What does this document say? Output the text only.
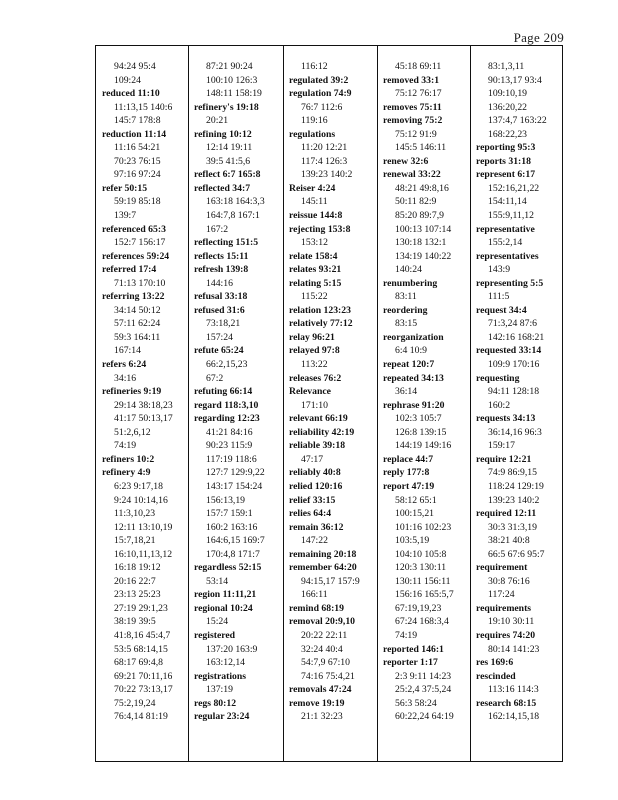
Page 209
94:24 95:4
109:24
reduced 11:10
11:13,15 140:6
145:7 178:8
reduction 11:14
11:16 54:21
70:23 76:15
97:16 97:24
refer 50:15
59:19 85:18
139:7
referenced 65:3
152:7 156:17
references 59:24
referred 17:4
71:13 170:10
referring 13:22
34:14 50:12
57:11 62:24
59:3 164:11
167:14
refers 6:24
34:16
refineries 9:19
29:14 38:18,23
41:17 50:13,17
51:2,6,12
74:19
refiners 10:2
refinery 4:9
6:23 9:17,18
9:24 10:14,16
11:3,10,23
12:11 13:10,19
15:7,18,21
16:10,11,13,12
16:18 19:12
20:16 22:7
23:13 25:23
27:19 29:1,23
38:19 39:5
41:8,16 45:4,7
53:5 68:14,15
68:17 69:4,8
69:21 70:11,16
70:22 73:13,17
75:2,19,24
76:4,14 81:19
87:21 90:24
100:10 126:3
148:11 158:19
refinery's 19:18
20:21
refining 10:12
12:14 19:11
39:5 41:5,6
reflect 6:7 165:8
reflected 34:7
163:18 164:3,3
164:7,8 167:1
167:2
reflecting 151:5
reflects 15:11
refresh 139:8
144:16
refusal 33:18
refused 31:6
73:18,21
157:24
refute 65:24
66:2,15,23
67:2
refuting 66:14
regard 118:3,10
regarding 12:23
41:21 84:16
90:23 115:9
117:19 118:6
127:7 129:9,22
143:17 154:24
156:13,19
157:7 159:1
160:2 163:16
164:6,15 169:7
170:4,8 171:7
regardless 52:15
53:14
region 11:11,21
regional 10:24
15:24
registered
137:20 163:9
163:12,14
registrations
137:19
regs 80:12
regular 23:24
116:12
regulated 39:2
regulation 74:9
76:7 112:6
119:16
regulations
11:20 12:21
117:4 126:3
139:23 140:2
Reiser 4:24
145:11
reissue 144:8
rejecting 153:8
153:12
relate 158:4
relates 93:21
relating 5:15
115:22
relation 123:23
relatively 77:12
relay 96:21
relayed 97:8
113:22
releases 76:2
Relevance
171:10
relevant 66:19
reliability 42:19
reliable 39:18
47:17
reliably 40:8
relied 120:16
relief 33:15
relies 64:4
remain 36:12
147:22
remaining 20:18
remember 64:20
94:15,17 157:9
166:11
remind 68:19
removal 20:9,10
20:22 22:11
32:24 40:4
54:7,9 67:10
74:16 75:4,21
removals 47:24
remove 19:19
21:1 32:23
45:18 69:11
removed 33:1
75:12 76:17
removes 75:11
removing 75:2
75:12 91:9
145:5 146:11
renew 32:6
renewal 33:22
48:21 49:8,16
50:11 82:9
85:20 89:7,9
100:13 107:14
130:18 132:1
134:19 140:22
140:24
renumbering
83:11
reordering
83:15
reorganization
6:4 10:9
repeat 120:7
repeated 34:13
36:14
rephrase 91:20
102:3 105:7
126:8 139:15
144:19 149:16
replace 44:7
reply 177:8
report 47:19
58:12 65:1
100:15,21
101:16 102:23
103:5,19
104:10 105:8
120:3 130:11
130:11 156:11
156:16 165:5,7
67:19,19,23
67:24 168:3,4
74:19
reported 146:1
reporter 1:17
2:3 9:11 14:23
25:2,4 37:5,24
56:3 58:24
60:22,24 64:19
83:1,3,11
90:13,17 93:4
109:10,19
136:20,22
137:4,7 163:22
168:22,23
reporting 95:3
reports 31:18
represent 6:17
152:16,21,22
154:11,14
155:9,11,12
representative
155:2,14
representatives
143:9
representing 5:5
111:5
request 34:4
71:3,24 87:6
142:16 168:21
requested 33:14
109:9 170:16
requesting
94:11 128:18
160:2
requests 34:13
36:14,16 96:3
159:17
require 12:21
74:9 86:9,15
118:24 129:19
139:23 140:2
required 12:11
30:3 31:3,19
38:21 40:8
66:5 67:6 95:7
requirement
30:8 76:16
117:24
requirements
19:10 30:11
requires 74:20
80:14 141:23
res 169:6
rescinded
113:16 114:3
research 68:15
162:14,15,18
